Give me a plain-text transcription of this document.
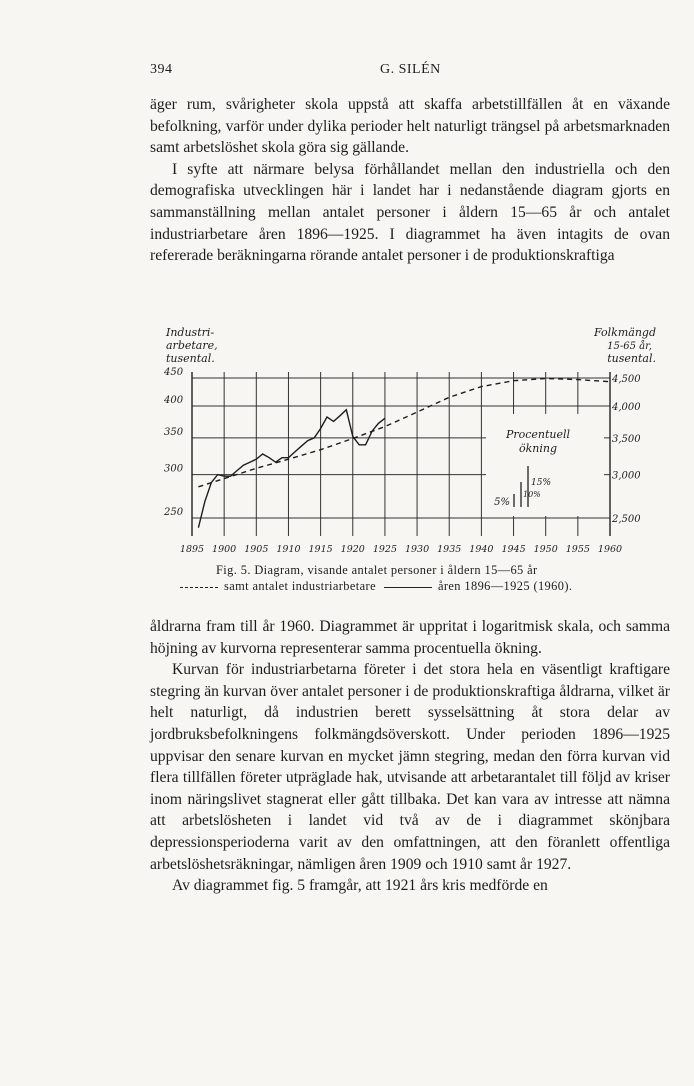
394	G. SILÉN

äger rum, svårigheter skola uppstå att skaffa arbetstillfällen åt en växande befolkning, varför under dylika perioder helt naturligt trängsel på arbetsmarknaden samt arbetslöshet skola göra sig gällande.

I syfte att närmare belysa förhållandet mellan den industriella och den demografiska utvecklingen här i landet har i nedanstående diagram gjorts en sammanställning mellan antalet personer i åldern 15—65 år och antalet industriarbetare åren 1896—1925. I diagrammet ha även intagits de ovan refererade beräkningarna rörande antalet personer i de produktionskraftiga

Industri-
arbetare,
tusental.
Folkmängd
15-65 år,
tusental.
450
400
350
300
250
4,500
4,000
3,500
3,000
2,500
1895 1900 1905 1910 1915 1920 1925 1930 1935 1940 1945 1950 1955 1960
Procentuell
ökning
5%
10%
15%
Fig. 5. Diagram, visande antalet personer i åldern 15—65 år
samt antalet industriarbetare	åren 1896—1925 (1960).

åldrarna fram till år 1960. Diagrammet är uppritat i logaritmisk skala, och samma höjning av kurvorna representerar samma procentuella ökning.

Kurvan för industriarbetarna företer i det stora hela en väsentligt kraftigare stegring än kurvan över antalet personer i de produktionskraftiga åldrarna, vilket är helt naturligt, då industrien berett sysselsättning åt stora delar av jordbruksbefolkningens folkmängdsöverskott. Under perioden 1896—1925 uppvisar den senare kurvan en mycket jämn stegring, medan den förra kurvan vid flera tillfällen företer utpräglade hak, utvisande att arbetarantalet till följd av kriser inom näringslivet stagnerat eller gått tillbaka. Det kan vara av intresse att nämna att arbetslösheten i landet vid två av de i diagrammet skönjbara depressionsperioderna varit av den omfattningen, att den föranlett offentliga arbetslöshetsräkningar, nämligen åren 1909 och 1910 samt år 1927.

Av diagrammet fig. 5 framgår, att 1921 års kris medförde en
